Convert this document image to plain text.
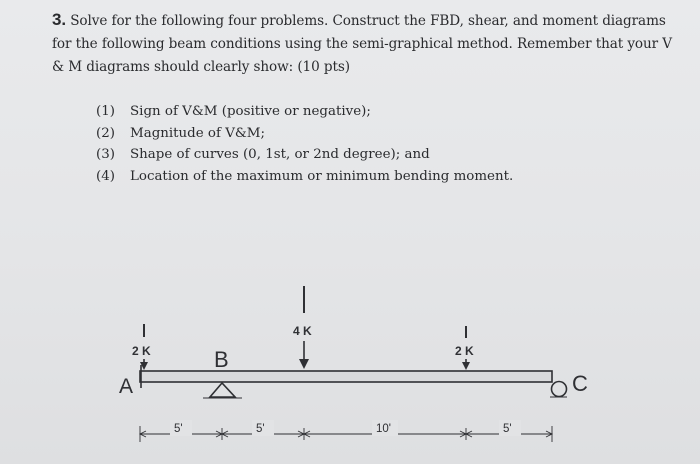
3. Solve for the following four problems. Construct the FBD, shear, and moment diagrams for the following beam conditions using the semi-graphical method. Remember that your V & M diagrams should clearly show: (10 pts)
(1)	Sign of V&M (positive or negative);
(2)	Magnitude of V&M;
(3)	Shape of curves (0, 1st, or 2nd degree); and
(4)	Location of the maximum or minimum bending moment.
A
B
C
2 K
4 K
2 K
5'	5'	10'	5'
